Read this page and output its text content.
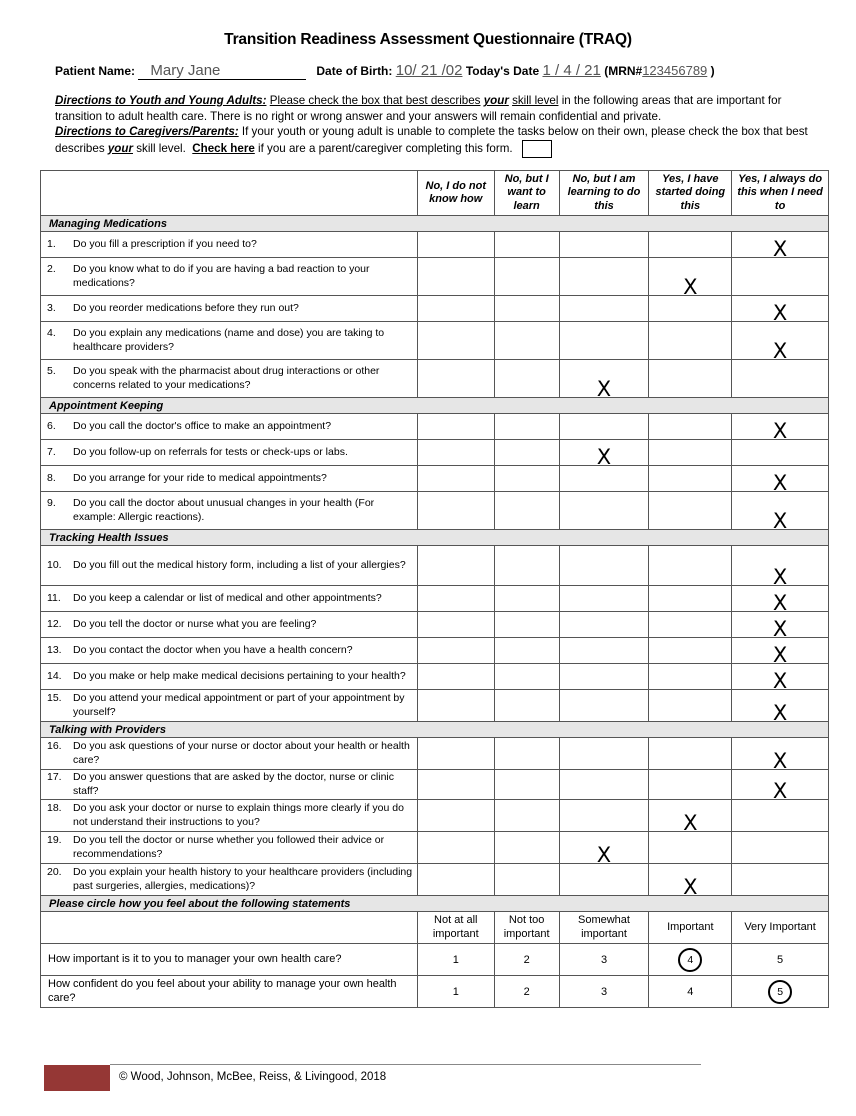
Transition Readiness Assessment Questionnaire (TRAQ)
Patient Name: Mary Jane	Date of Birth: 10/ 21 /02 Today's Date 1 / 4 / 21 (MRN#123456789 )
Directions to Youth and Young Adults: Please check the box that best describes your skill level in the following areas that are important for transition to adult health care. There is no right or wrong answer and your answers will remain confidential and private.
Directions to Caregivers/Parents: If your youth or young adult is unable to complete the tasks below on their own, please check the box that best describes your skill level. Check here if you are a parent/caregiver completing this form.
	No, I do not know how	No, but I want to learn	No, but I am learning to do this	Yes, I have started doing this	Yes, I always do this when I need to
Managing Medications					
1. Do you fill a prescription if you need to?					X

2. Do you know what to do if you are having a bad reaction to your medications?				X	

3. Do you reorder medications before they run out?					X

4. Do you explain any medications (name and dose) you are taking to healthcare providers?					X

5. Do you speak with the pharmacist about drug interactions or other concerns related to your medications?			X		

Appointment Keeping					
6. Do you call the doctor's office to make an appointment?					X

7. Do you follow-up on referrals for tests or check-ups or labs.			X		

8. Do you arrange for your ride to medical appointments?					X

9. Do you call the doctor about unusual changes in your health (For example: Allergic reactions).					X

Tracking Health Issues					
10. Do you fill out the medical history form, including a list of your allergies?					X

11. Do you keep a calendar or list of medical and other appointments?					X

12. Do you tell the doctor or nurse what you are feeling?					X

13. Do you contact the doctor when you have a health concern?					X

14. Do you make or help make medical decisions pertaining to your health?					X

15. Do you attend your medical appointment or part of your appointment by yourself?					X

Talking with Providers					
16. Do you ask questions of your nurse or doctor about your health or health care?					X

17. Do you answer questions that are asked by the doctor, nurse or clinic staff?					X

18. Do you ask your doctor or nurse to explain things more clearly if you do not understand their instructions to you?				X	

19. Do you tell the doctor or nurse whether you followed their advice or recommendations?			X		

20. Do you explain your health history to your healthcare providers (including past surgeries, allergies, medications)?				X	

Please circle how you feel about the following statements					
	Not at all important	Not too important	Somewhat important	Important	Very Important
How important is it to you to manager your own health care?	1	2	3	4	5
How confident do you feel about your ability to manage your own health care?	1	2	3	4	5
© Wood, Johnson, McBee, Reiss, & Livingood, 2018
